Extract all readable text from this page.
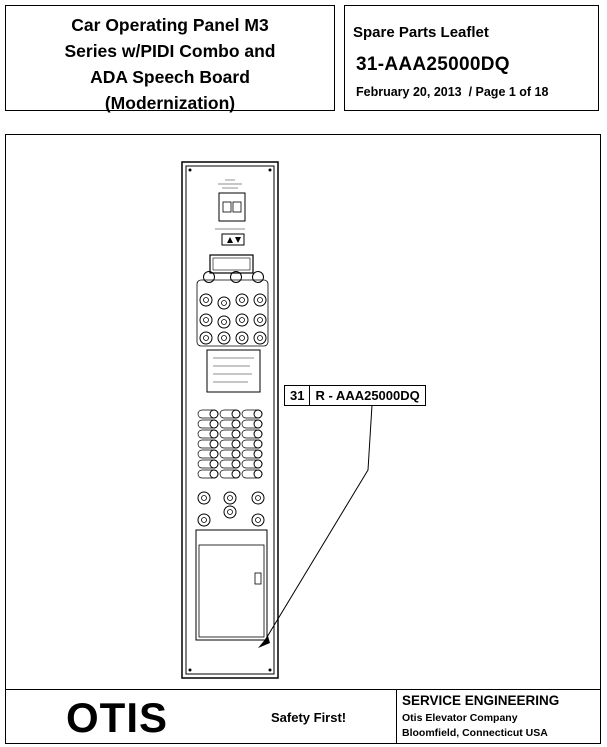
Car Operating Panel M3
Series w/PIDI Combo and
ADA Speech Board
(Modernization)
Spare Parts Leaflet
31-AAA25000DQ
February 20, 2013  / Page 1 of 18
31 R - AAA25000DQ
OTIS	Safety First!
SERVICE ENGINEERING
Otis Elevator Company
Bloomfield, Connecticut USA
